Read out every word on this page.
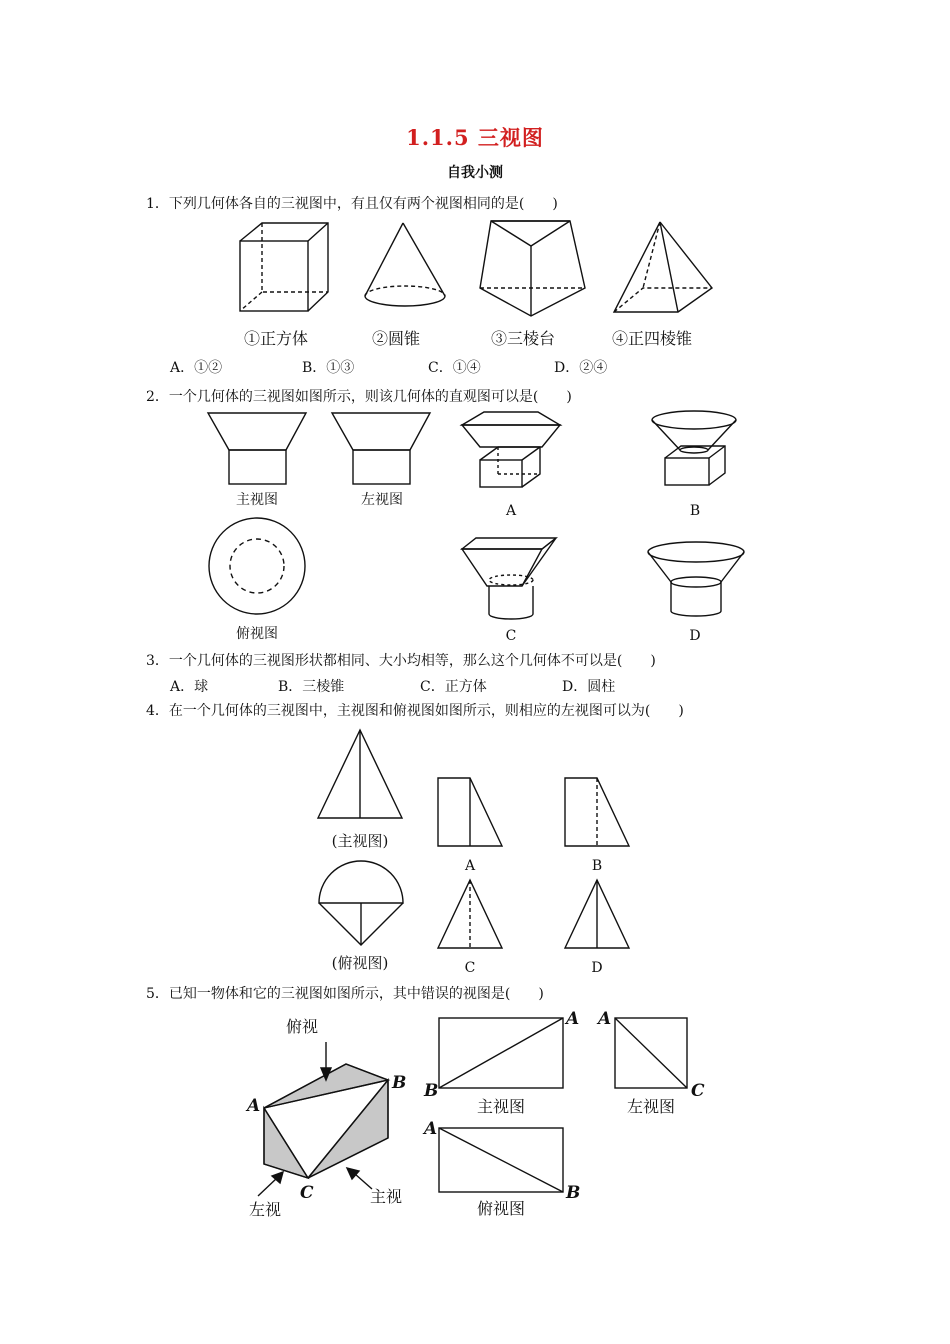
1.1.5 三视图
自我小测
1．下列几何体各自的三视图中，有且仅有两个视图相同的是(　　)
A．①②	B．①③	C．①④	D．②④
2．一个几何体的三视图如图所示，则该几何体的直观图可以是(　　)
3．一个几何体的三视图形状都相同、大小均相等，那么这个几何体不可以是(　　)
A．球	B．三棱锥	C．正方体	D．圆柱
4．在一个几何体的三视图中，主视图和俯视图如图所示，则相应的左视图可以为(　　)
5．已知一物体和它的三视图如图所示，其中错误的视图是(　　)
①正方体	②圆锥	③三棱台	④正四棱锥
主视图	左视图
俯视图
A	B
C	D
(主视图)
(俯视图)
A	B
C	D
俯视
左视
主视
主视图	左视图
俯视图
A
B
C
A
B
A
C
A
B
